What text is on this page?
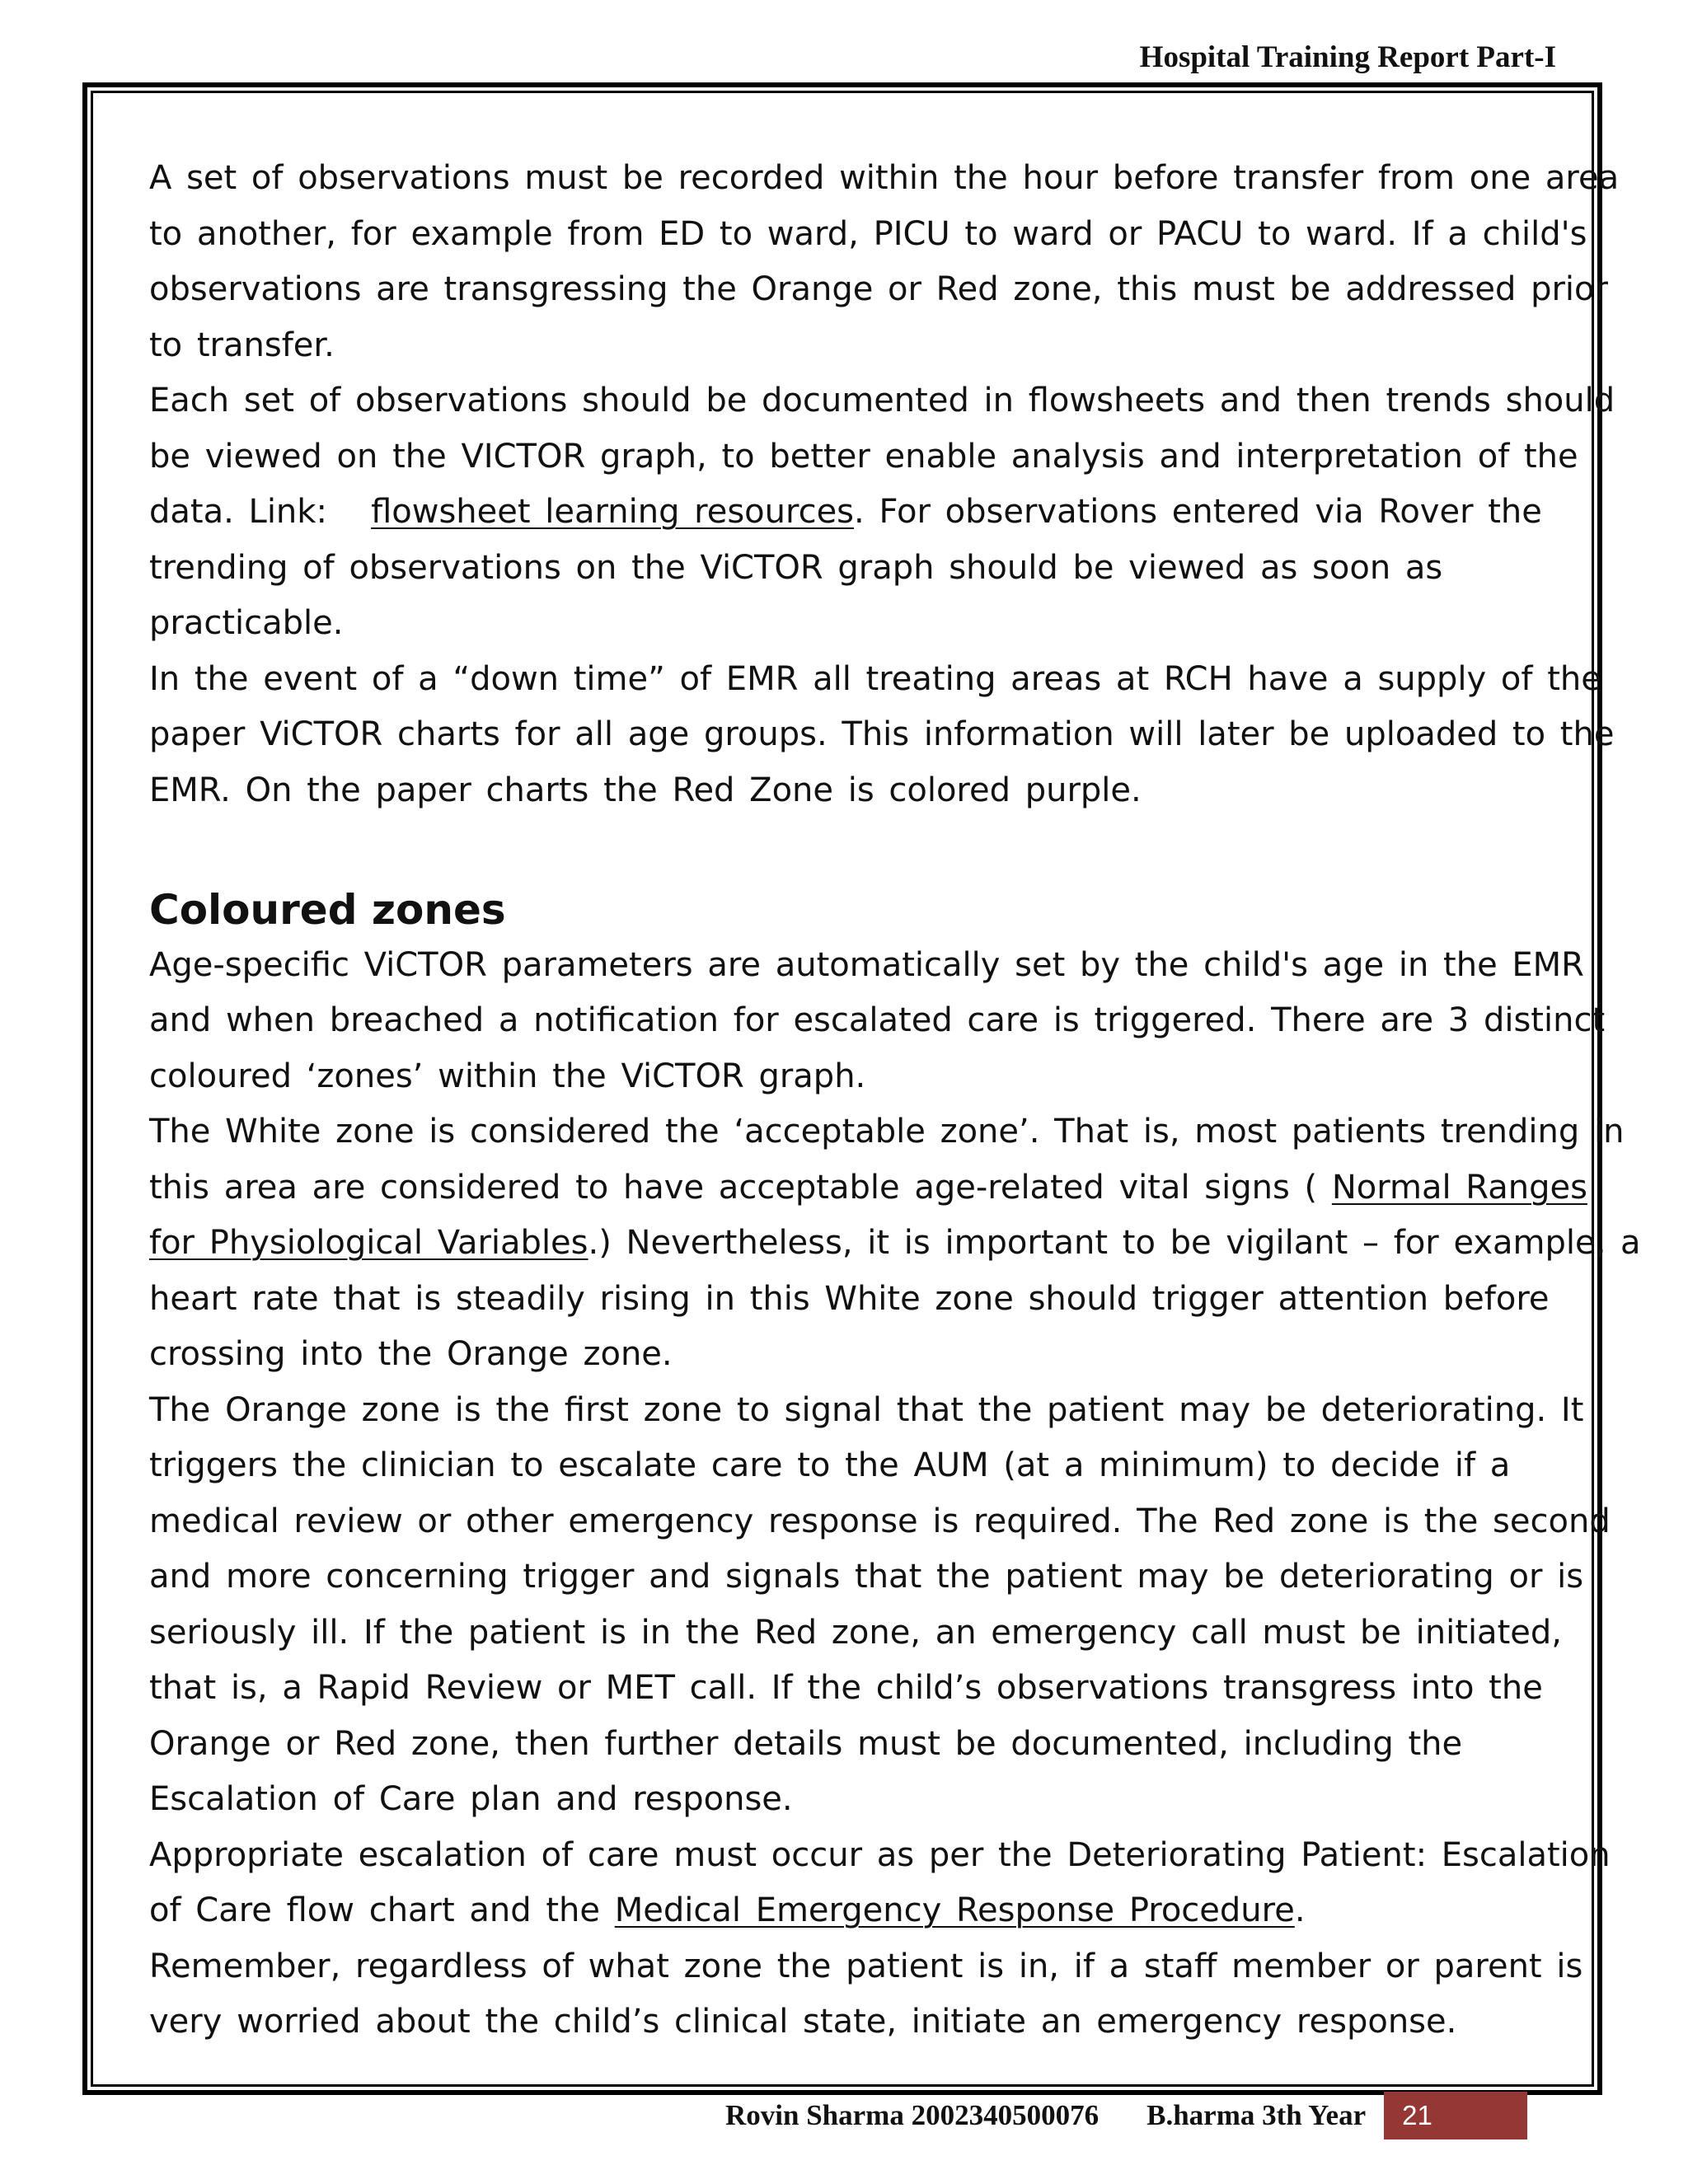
Hospital Training Report Part-I
A set of observations must be recorded within the hour before transfer from one area
to another, for example from ED to ward, PICU to ward or PACU to ward. If a child's
observations are transgressing the Orange or Red zone, this must be addressed prior
to transfer.
Each set of observations should be documented in flowsheets and then trends should
be viewed on the VICTOR graph, to better enable analysis and interpretation of the
data. Link: flowsheet learning resources. For observations entered via Rover the
trending of observations on the ViCTOR graph should be viewed as soon as
practicable.
In the event of a “down time” of EMR all treating areas at RCH have a supply of the
paper ViCTOR charts for all age groups. This information will later be uploaded to the
EMR. On the paper charts the Red Zone is colored purple.
Coloured zones
Age-specific ViCTOR parameters are automatically set by the child's age in the EMR
and when breached a notification for escalated care is triggered. There are 3 distinct
coloured ‘zones’ within the ViCTOR graph.
The White zone is considered the ‘acceptable zone’. That is, most patients trending in
this area are considered to have acceptable age-related vital signs ( Normal Ranges
for Physiological Variables.) Nevertheless, it is important to be vigilant – for example, a
heart rate that is steadily rising in this White zone should trigger attention before
crossing into the Orange zone.
The Orange zone is the first zone to signal that the patient may be deteriorating. It
triggers the clinician to escalate care to the AUM (at a minimum) to decide if a
medical review or other emergency response is required. The Red zone is the second
and more concerning trigger and signals that the patient may be deteriorating or is
seriously ill. If the patient is in the Red zone, an emergency call must be initiated,
that is, a Rapid Review or MET call. If the child’s observations transgress into the
Orange or Red zone, then further details must be documented, including the
Escalation of Care plan and response.
Appropriate escalation of care must occur as per the Deteriorating Patient: Escalation
of Care flow chart and the Medical Emergency Response Procedure.
Remember, regardless of what zone the patient is in, if a staff member or parent is
very worried about the child’s clinical state, initiate an emergency response.
Rovin Sharma 2002340500076 B.harma 3th Year	21
